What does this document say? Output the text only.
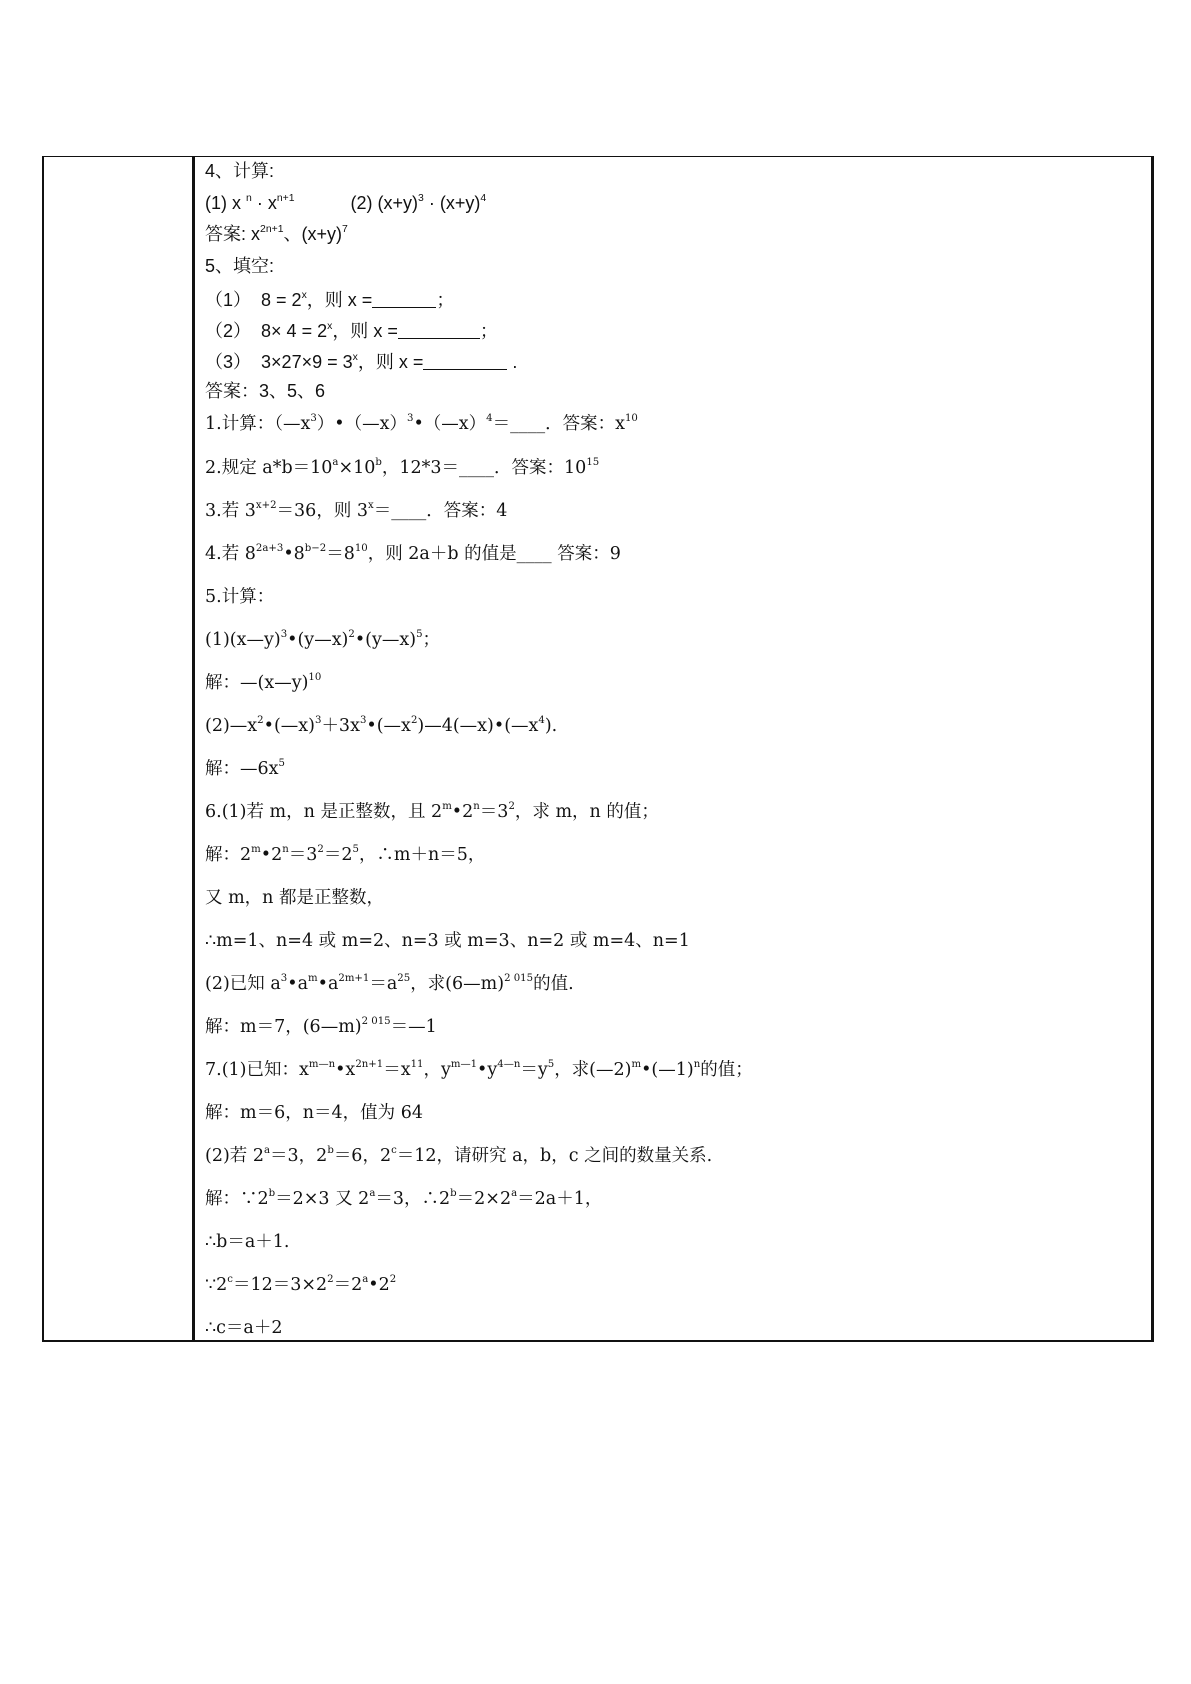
4、计算:
(1) x $^n \cdot x^{n+1}$	(2) $(x+y)^3 \cdot (x+y)^4$
答案: $x^{2n+1}$、$(x+y)^7$
5、填空:
（1） $8 = 2^x$，则 x =	；
（2） $8\times 4 = 2^x$，则 x =	；
（3） $3\times 27\times 9 = 3^x$，则 x =	.
答案：3、5、6
1.计算：$(—x^3)•(—x)^3•(—x)^4=\_\_\_\_$．答案：$x^{10}$
2.规定 $a*b=10^a\times 10^b$，12*3＝____．答案：$10^{15}$
3.若 $3^{x+2}=36$，则 $3^x=\_\_\_\_$．答案：4
4.若 $8^{2a+3}•8^{b-2}=8^{10}$，则 2a＋b 的值是____ 答案：9
5.计算：
(1)(x—y)$^3$•(y—x)$^2$•(y—x)$^5$；
解：—(x—y)$^{10}$
$(2)—x^2•(—x)^3+3x^3•(—x^2)—4(—x)•(—x^4)$.
解：$—6x^5$
6.(1)若 m，n 是正整数，且 $2^m•2^n=3^2$，求 m，n 的值；
解：$2^m•2^n=3^2=2^5$，∴m＋n＝5，
又 m，n 都是正整数，
∴m=1、n=4 或 m=2、n=3 或 m=3、n=2 或 m=4、n=1
(2)已知 $a^3•a^m•a^{2m+1}=a^{25}$，求(6—m)$^{2 015}$的值.
解：m＝7，(6—m)$^{2 015}$＝—1
7.(1)已知：$x^{m—n}•x^{2n+1}=x^{11}$，$y^{m—1}•y^{4—n}=y^5$，求(—2)$^m$•(—1)$^n$的值；
解：m＝6，n＝4，值为 64
(2)若 $2^a=3$，$2^b=6$，$2^c=12$，请研究 a，b，c 之间的数量关系.
解：$\because 2^b=2\times 3$ 又 $2^a=3$，$\therefore 2^b=2\times 2^a=2a+1$，
∴b＝a＋1.
$\because 2^c=12=3\times 2^2=2^a•2^2$
∴c＝a＋2
